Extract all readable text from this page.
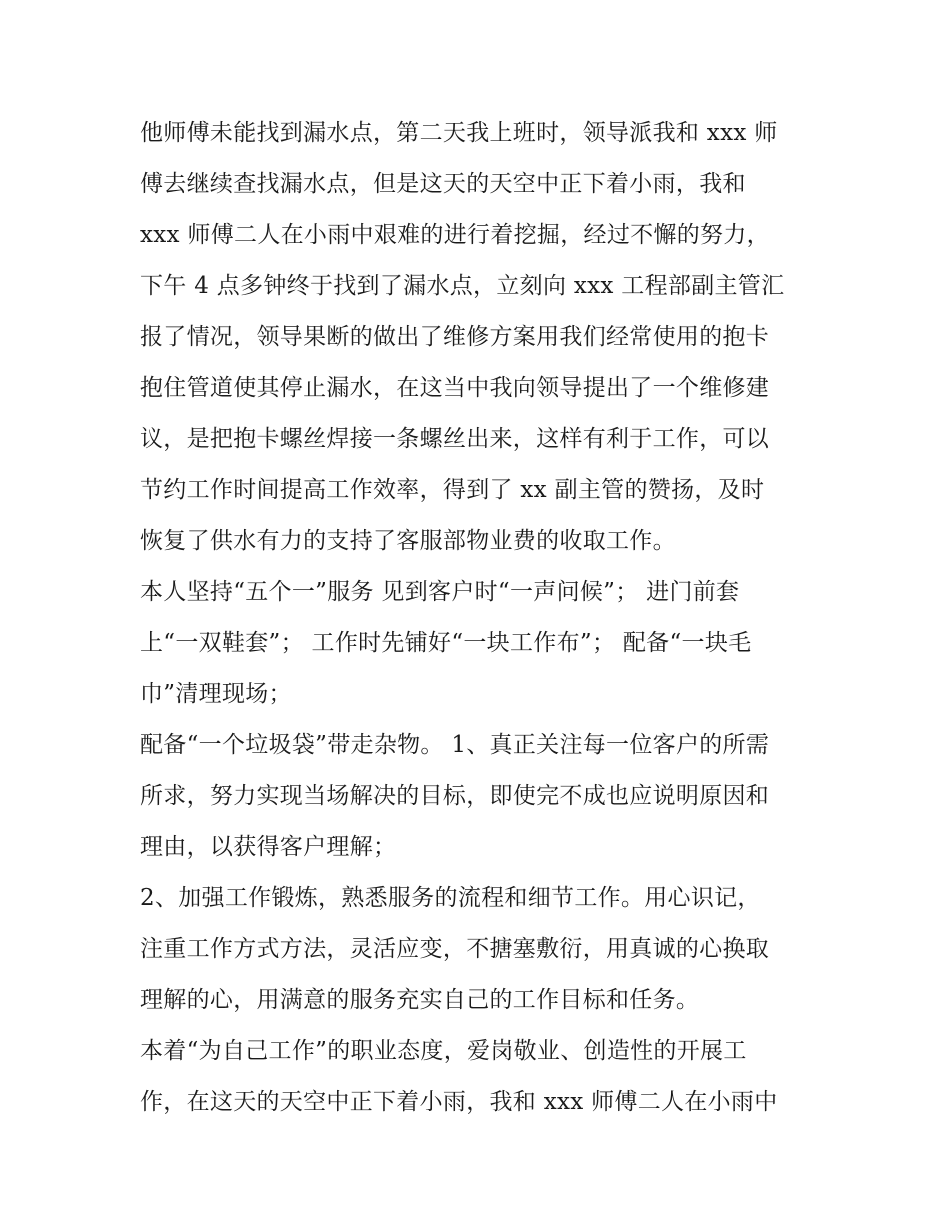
他师傅未能找到漏水点，第二天我上班时，领导派我和 xxx 师
傅去继续查找漏水点，但是这天的天空中正下着小雨，我和
xxx 师傅二人在小雨中艰难的进行着挖掘，经过不懈的努力，
下午 4 点多钟终于找到了漏水点，立刻向 xxx 工程部副主管汇
报了情况，领导果断的做出了维修方案用我们经常使用的抱卡
抱住管道使其停止漏水，在这当中我向领导提出了一个维修建
议，是把抱卡螺丝焊接一条螺丝出来，这样有利于工作，可以
节约工作时间提高工作效率，得到了 xx 副主管的赞扬，及时
恢复了供水有力的支持了客服部物业费的收取工作。
本人坚持“五个一”服务 见到客户时“一声问候”； 进门前套
上“一双鞋套”； 工作时先铺好“一块工作布”； 配备“一块毛
巾”清理现场；
配备“一个垃圾袋”带走杂物。 1、真正关注每一位客户的所需
所求，努力实现当场解决的目标，即使完不成也应说明原因和
理由，以获得客户理解；
2、加强工作锻炼，熟悉服务的流程和细节工作。用心识记，
注重工作方式方法，灵活应变，不搪塞敷衍，用真诚的心换取
理解的心，用满意的服务充实自己的工作目标和任务。
本着“为自己工作”的职业态度，爱岗敬业、创造性的开展工
作，在这天的天空中正下着小雨，我和 xxx 师傅二人在小雨中
